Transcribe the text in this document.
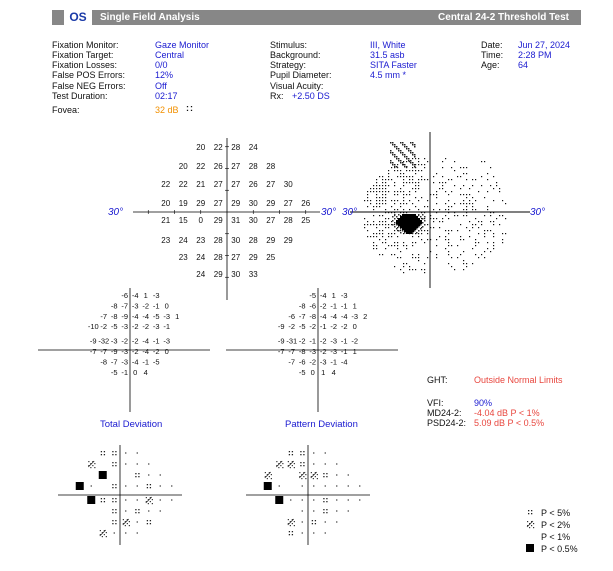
OS	Single Field Analysis	Central 24-2 Threshold Test
Fixation Monitor:	Gaze Monitor
Fixation Target:	Central
Fixation Losses:	0/0
False POS Errors:	12%
False NEG Errors:	Off
Test Duration:	02:17
Fovea:	32 dB ::
Stimulus:	III, White
Background:	31.5 asb
Strategy:	SITA Faster
Pupil Diameter:	4.5 mm *
Visual Acuity:
Rx: +2.50 DS
Date: Jun 27, 2024
Time: 2:28 PM
Age: 64
20 22 28 24
20 22 26 27 28 28
22 22 21 27 27 26 27 30
20 19 29 27 29 30 29 27 26
21 15 0 29 31 30 27 28 25
23 24 23 28 30 28 29 29
23 24 28 27 29 25
24 29 30 33
30°	30° 30°	30°
-6 -4 1 -3
-8 -7 -3 -2 -1 0
-7 -8 -9 -4 -4 -5 -3 1
-10 -2 -5 -3 -2 -2 -3 -1
-9 -32 -3 -2 -2 -4 -1 -3
-7 -7 -9 -3 -2 -4 -2 0
-8 -7 -3 -4 -1 -5
-5 -1 0 4
-5 -4 1 -3
-8 -6 -2 -1 -1 1
-6 -7 -8 -4 -4 -4 -3 2
-9 -2 -5 -2 -1 -2 -2 0
-9 -31 -2 -1 -2 -3 -1 -2
-7 -7 -8 -3 -2 -3 -1 1
-7 -6 -2 -3 -1 -4
-5 0 1 4
Total Deviation	Pattern Deviation
GHT:	Outside Normal Limits
VFI:	90%
MD24-2: -4.04 dB P < 1%
PSD24-2: 5.09 dB P < 0.5%
P < 5%
P < 2%
P < 1%
P < 0.5%
